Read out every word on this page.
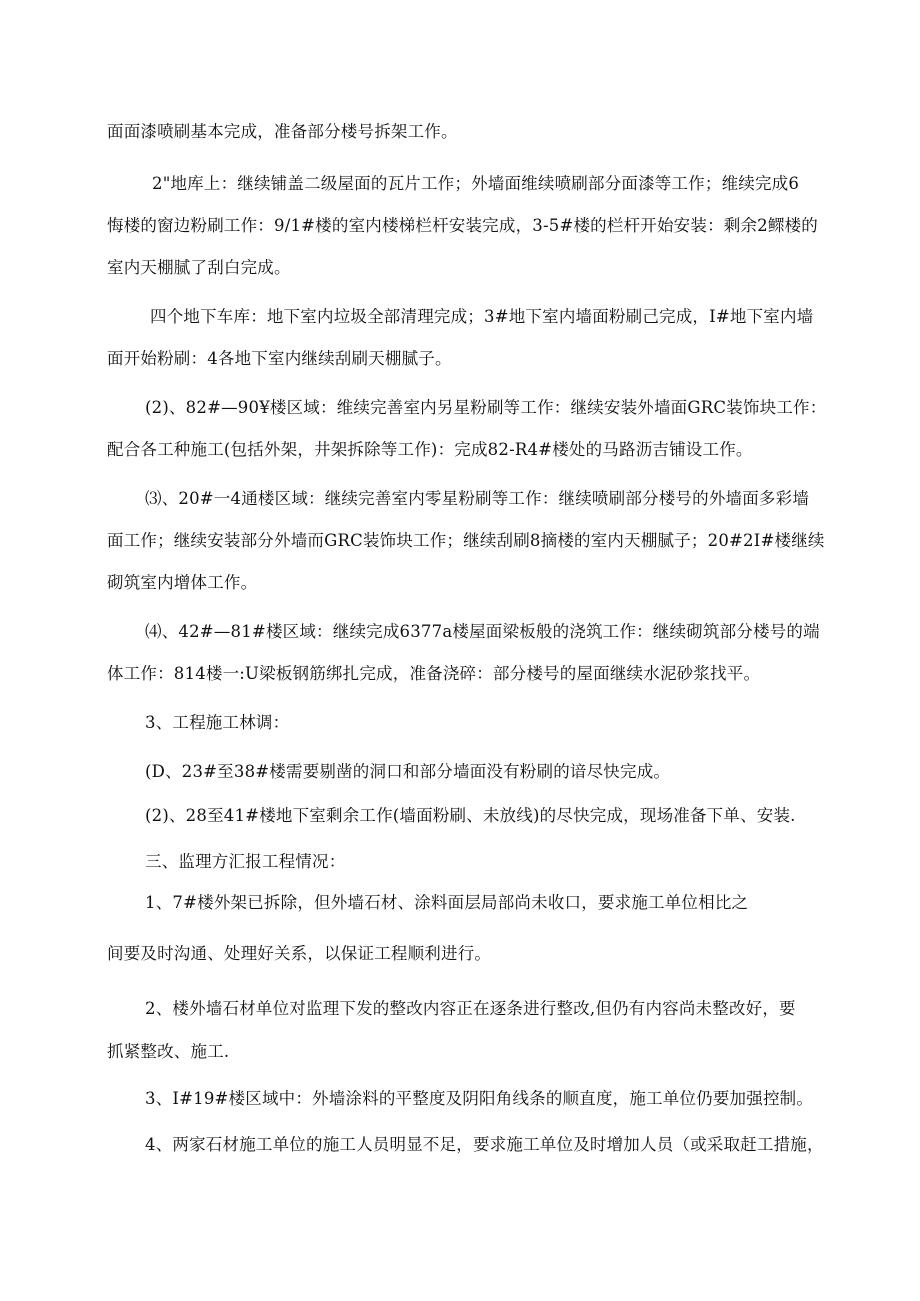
面面漆喷刷基本完成，准备部分楼号拆架工作。
2"地库上：继续铺盖二级屋面的瓦片工作；外墙面维续喷刷部分面漆等工作；维续完成6
悔楼的窗边粉刷工作：9/1#楼的室内楼梯栏杆安装完成，3-5#楼的栏杆开始安装：剩余2鳏楼的
室内天棚腻了刮白完成。
四个地下车库：地下室内垃圾全部清理完成；3#地下室内墙面粉刷己完成，I#地下室内墙
面开始粉刷：4各地下室内继续刮刷天棚腻子。
(2)、82#—90¥楼区域：维续完善室内另星粉刷等工作：继续安装外墙面GRC装饰块工作：
配合各工种施工(包括外架，井架拆除等工作)：完成82-R4#楼处的马路沥吉铺设工作。
⑶、20#一4通楼区域：继续完善室内零星粉刷等工作：继续喷刷部分楼号的外墙面多彩墙
面工作；继续安装部分外墙而GRC装饰块工作；继续刮刷8摘楼的室内天棚腻子；20#2I#楼继续
砌筑室内增体工作。
⑷、42#—81#楼区域：继续完成6377a楼屋面梁板般的浇筑工作：继续砌筑部分楼号的端
体工作：814楼一:U梁板钢筋绑扎完成，准备浇碎：部分楼号的屋面继续水泥砂浆找平。
3、工程施工林调：
(D、23#至38#楼需要剔凿的洞口和部分墙面没有粉刷的谙尽快完成。
(2)、28至41#楼地下室剩余工作(墙面粉刷、未放线)的尽快完成，现场准备下单、安装.
三、监理方汇报工程情况：
1、7#楼外架已拆除，但外墙石材、涂料面层局部尚未收口，要求施工单位相比之
间要及时沟通、处理好关系，以保证工程顺利进行。
2、楼外墙石材单位对监理下发的整改内容正在逐条进行整改,但仍有内容尚未整改好，要
抓紧整改、施工.
3、I#19#楼区域中：外墙涂料的平整度及阴阳角线条的顺直度，施工单位仍要加强控制。
4、两家石材施工单位的施工人员明显不足，要求施工单位及时增加人员（或采取赶工措施，
